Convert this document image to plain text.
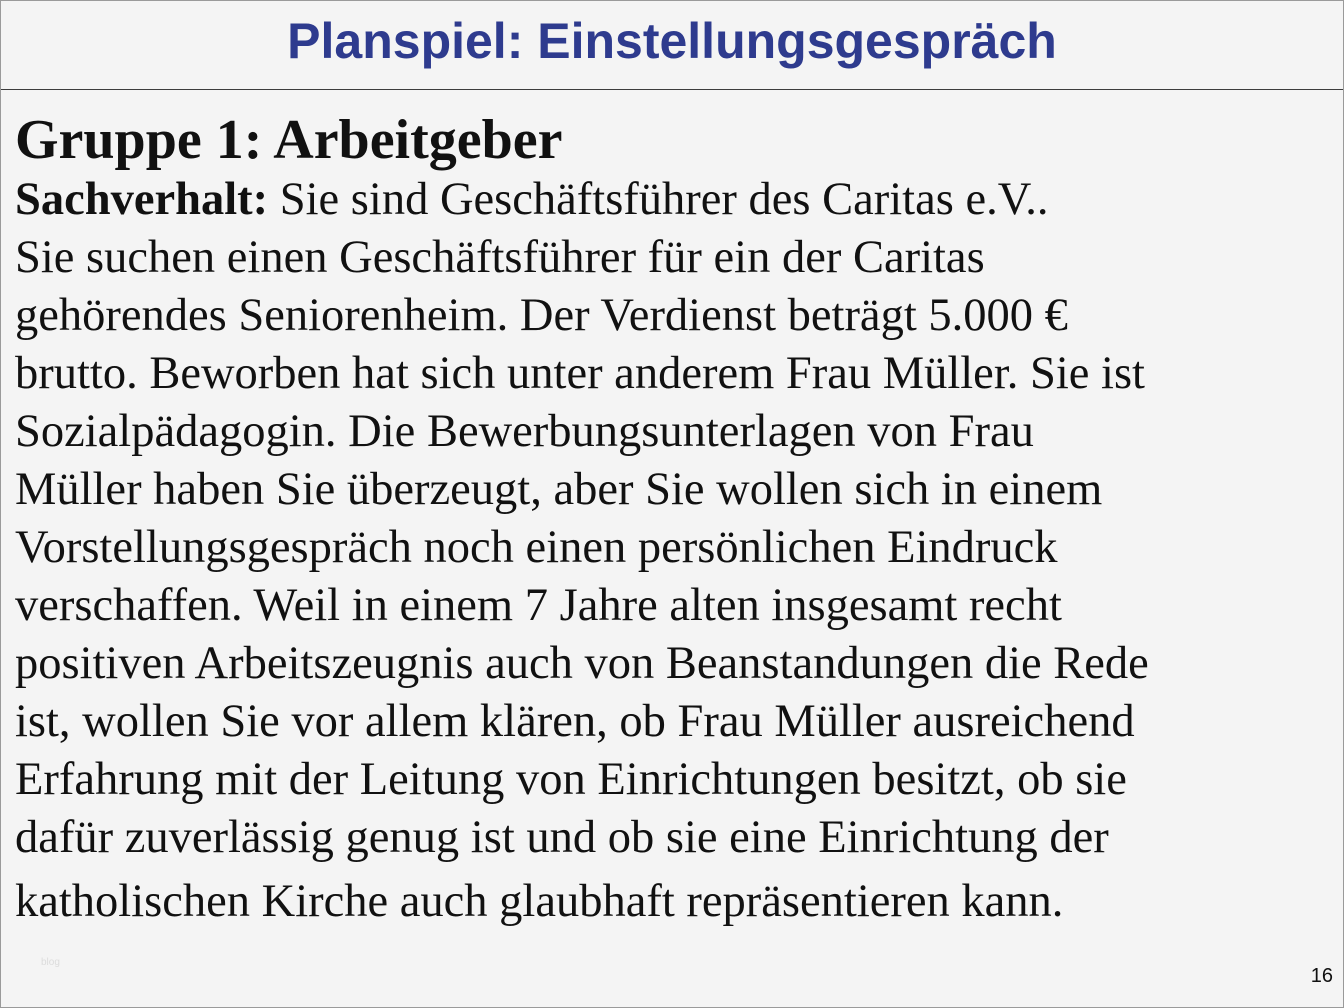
Planspiel: Einstellungsgespräch
Gruppe 1: Arbeitgeber

Sachverhalt: Sie sind Geschäftsführer des Caritas e.V..
Sie suchen einen Geschäftsführer für ein der Caritas
gehörendes Seniorenheim. Der Verdienst beträgt 5.000 €
brutto. Beworben hat sich unter anderem Frau Müller. Sie ist
Sozialpädagogin. Die Bewerbungsunterlagen von Frau
Müller haben Sie überzeugt, aber Sie wollen sich in einem
Vorstellungsgespräch noch einen persönlichen Eindruck
verschaffen. Weil in einem 7 Jahre alten insgesamt recht
positiven Arbeitszeugnis auch von Beanstandungen die Rede
ist, wollen Sie vor allem klären, ob Frau Müller ausreichend
Erfahrung mit der Leitung von Einrichtungen besitzt, ob sie
dafür zuverlässig genug ist und ob sie eine Einrichtung der
katholischen Kirche auch glaubhaft repräsentieren kann.

blog
16
